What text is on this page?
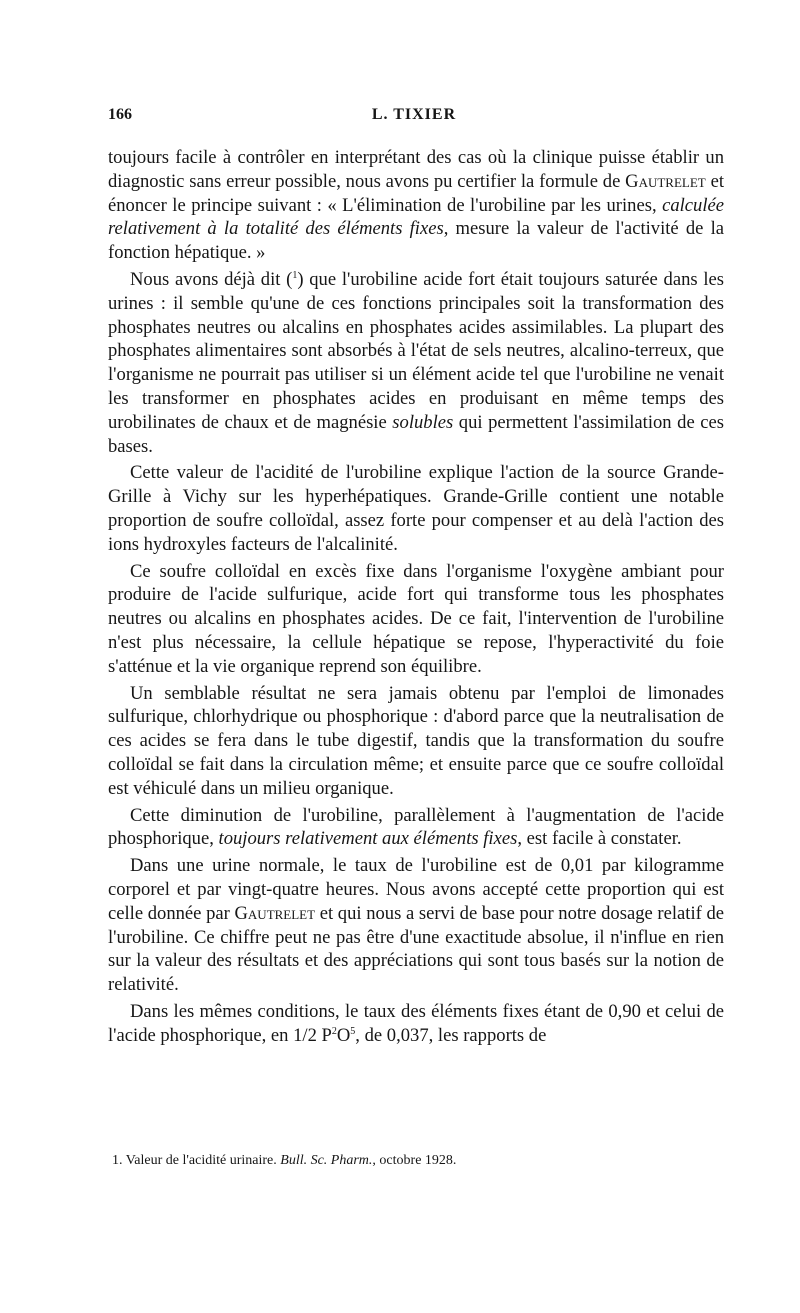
166	L. TIXIER

toujours facile à contrôler en interprétant des cas où la clinique puisse établir un diagnostic sans erreur possible, nous avons pu certifier la formule de Gautrelet et énoncer le principe suivant : « L'élimination de l'urobiline par les urines, calculée relativement à la totalité des éléments fixes, mesure la valeur de l'activité de la fonction hépatique. »

Nous avons déjà dit ($^1$) que l'urobiline acide fort était toujours saturée dans les urines : il semble qu'une de ces fonctions principales soit la transformation des phosphates neutres ou alcalins en phosphates acides assimilables. La plupart des phosphates alimentaires sont absorbés à l'état de sels neutres, alcalino-terreux, que l'organisme ne pourrait pas utiliser si un élément acide tel que l'urobiline ne venait les transformer en phosphates acides en produisant en même temps des urobilinates de chaux et de magnésie solubles qui permettent l'assimilation de ces bases.

Cette valeur de l'acidité de l'urobiline explique l'action de la source Grande-Grille à Vichy sur les hyperhépatiques. Grande-Grille contient une notable proportion de soufre colloïdal, assez forte pour compenser et au delà l'action des ions hydroxyles facteurs de l'alcalinité.

Ce soufre colloïdal en excès fixe dans l'organisme l'oxygène ambiant pour produire de l'acide sulfurique, acide fort qui transforme tous les phosphates neutres ou alcalins en phosphates acides. De ce fait, l'intervention de l'urobiline n'est plus nécessaire, la cellule hépatique se repose, l'hyperactivité du foie s'atténue et la vie organique reprend son équilibre.

Un semblable résultat ne sera jamais obtenu par l'emploi de limonades sulfurique, chlorhydrique ou phosphorique : d'abord parce que la neutralisation de ces acides se fera dans le tube digestif, tandis que la transformation du soufre colloïdal se fait dans la circulation même; et ensuite parce que ce soufre colloïdal est véhiculé dans un milieu organique.

Cette diminution de l'urobiline, parallèlement à l'augmentation de l'acide phosphorique, toujours relativement aux éléments fixes, est facile à constater.

Dans une urine normale, le taux de l'urobiline est de 0,01 par kilogramme corporel et par vingt-quatre heures. Nous avons accepté cette proportion qui est celle donnée par Gautrelet et qui nous a servi de base pour notre dosage relatif de l'urobiline. Ce chiffre peut ne pas être d'une exactitude absolue, il n'influe en rien sur la valeur des résultats et des appréciations qui sont tous basés sur la notion de relativité.

Dans les mêmes conditions, le taux des éléments fixes étant de 0,90 et celui de l'acide phosphorique, en 1/2 $P^2O^5$, de 0,037, les rapports de

1. Valeur de l'acidité urinaire. Bull. Sc. Pharm., octobre 1928.
